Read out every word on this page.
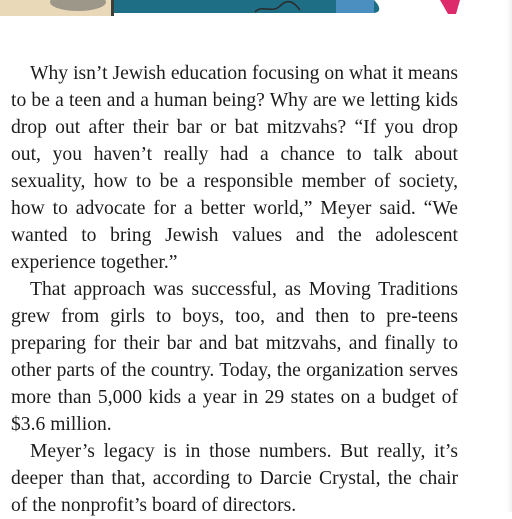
Why isn’t Jewish education focusing on what it means to be a teen and a human being? Why are we letting kids drop out after their bar or bat mitzvahs? “If you drop out, you haven’t really had a chance to talk about sexuality, how to be a responsible member of society, how to advocate for a better world,” Meyer said. “We wanted to bring Jewish values and the adolescent experience together.”

That approach was successful, as Moving Traditions grew from girls to boys, too, and then to pre-teens preparing for their bar and bat mitzvahs, and finally to other parts of the country. Today, the organization serves more than 5,000 kids a year in 29 states on a budget of $3.6 million.

Meyer’s legacy is in those numbers. But really, it’s deeper than that, according to Darcie Crystal, the chair of the nonprofit’s board of directors.
